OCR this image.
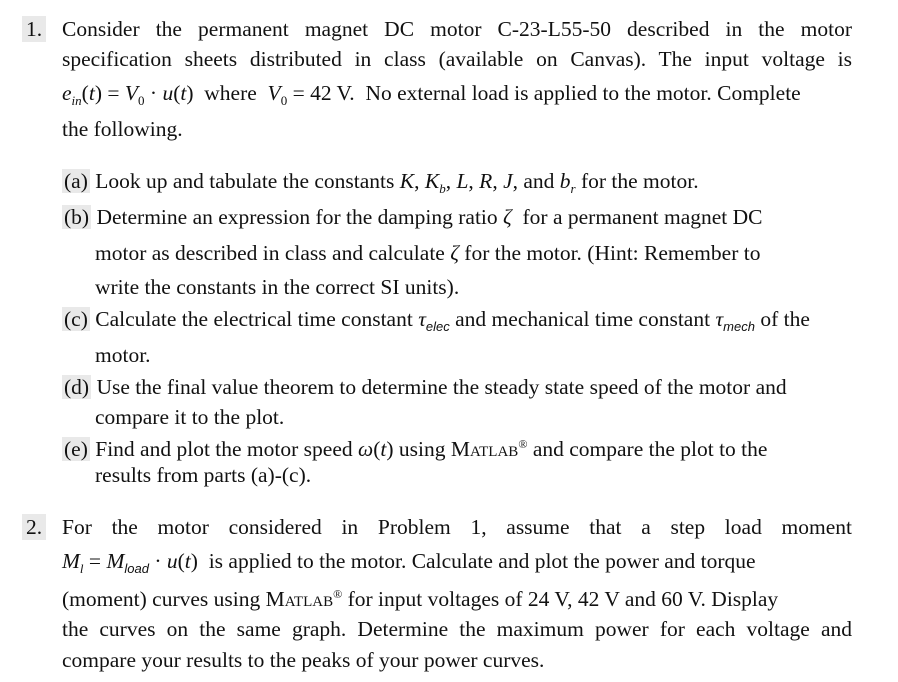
1. Consider the permanent magnet DC motor C-23-L55-50 described in the motor
specification sheets distributed in class (available on Canvas). The input voltage is
$e_{in}(t) = V_0 \cdot u(t)$ where $V_0 = 42$ V. No external load is applied to the motor. Complete
the following.
(a) Look up and tabulate the constants K, $K_b$, L, R, J, and $b_r$ for the motor.
(b) Determine an expression for the damping ratio ζ for a permanent magnet DC
motor as described in class and calculate ζ for the motor. (Hint: Remember to
write the constants in the correct SI units).
(c) Calculate the electrical time constant $\tau_{elec}$ and mechanical time constant $\tau_{mech}$ of the
motor.
(d) Use the final value theorem to determine the steady state speed of the motor and
compare it to the plot.
(e) Find and plot the motor speed ω(t) using Matlab® and compare the plot to the
results from parts (a)-(c).
2. For the motor considered in Problem 1, assume that a step load moment
$M_l = M_{load} \cdot u(t)$  is applied to the motor. Calculate and plot the power and torque
(moment) curves using Matlab® for input voltages of 24 V, 42 V and 60 V. Display
the curves on the same graph. Determine the maximum power for each voltage and
compare your results to the peaks of your power curves.
